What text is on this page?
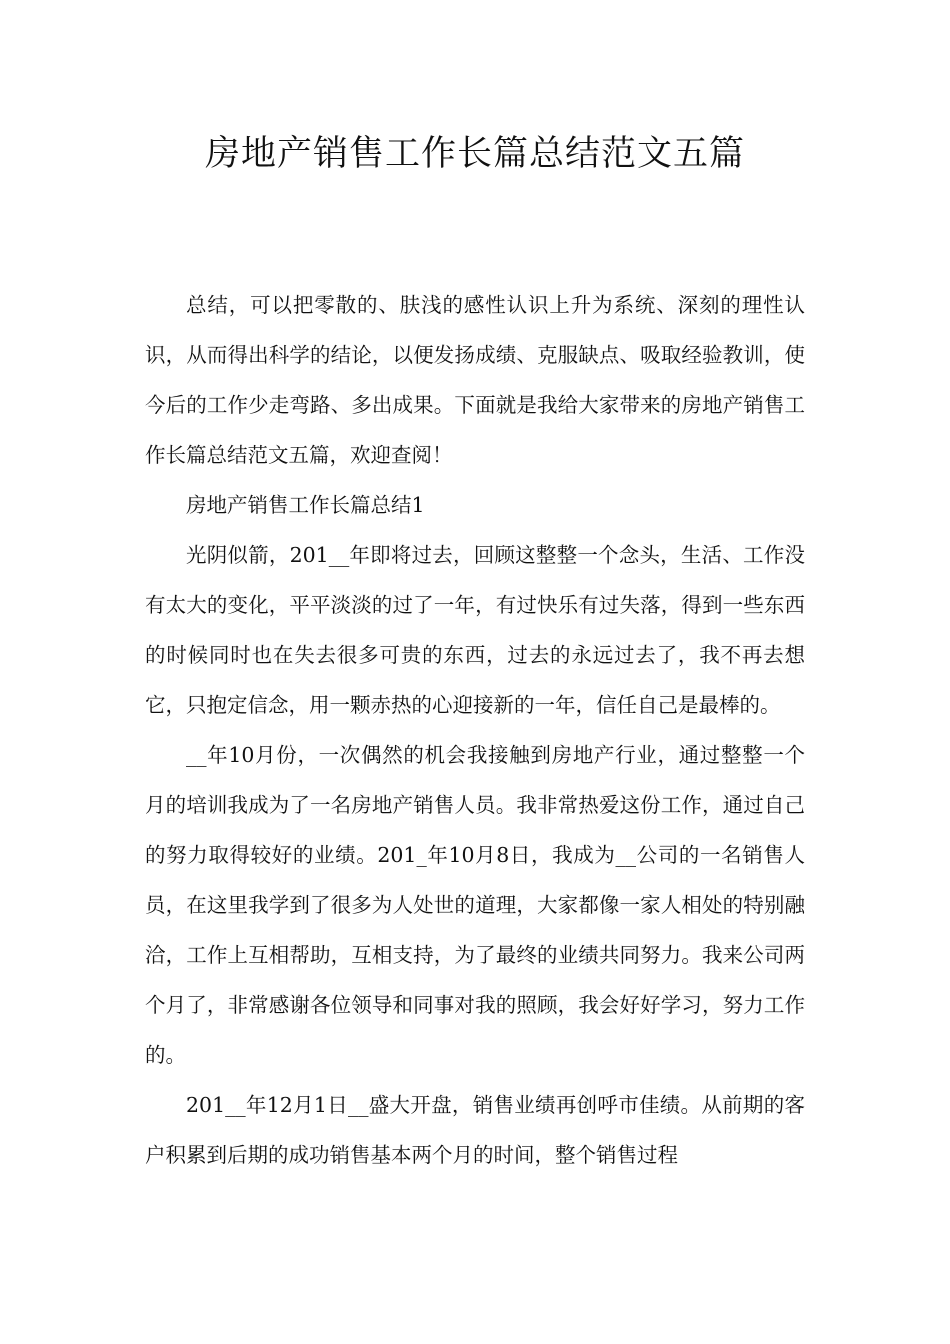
房地产销售工作长篇总结范文五篇

总结，可以把零散的、肤浅的感性认识上升为系统、深刻的理性认识，从而得出科学的结论，以便发扬成绩、克服缺点、吸取经验教训，使今后的工作少走弯路、多出成果。下面就是我给大家带来的房地产销售工作长篇总结范文五篇，欢迎查阅！

房地产销售工作长篇总结1

光阴似箭，201__年即将过去，回顾这整整一个念头，生活、工作没有太大的变化，平平淡淡的过了一年，有过快乐有过失落，得到一些东西的时候同时也在失去很多可贵的东西，过去的永远过去了，我不再去想它，只抱定信念，用一颗赤热的心迎接新的一年，信任自己是最棒的。

__年10月份，一次偶然的机会我接触到房地产行业，通过整整一个月的培训我成为了一名房地产销售人员。我非常热爱这份工作，通过自己的努力取得较好的业绩。201_年10月8日，我成为__公司的一名销售人员，在这里我学到了很多为人处世的道理，大家都像一家人相处的特别融洽，工作上互相帮助，互相支持，为了最终的业绩共同努力。我来公司两个月了，非常感谢各位领导和同事对我的照顾，我会好好学习，努力工作的。

201__年12月1日__盛大开盘，销售业绩再创呼市佳绩。从前期的客户积累到后期的成功销售基本两个月的时间，整个销售过程
